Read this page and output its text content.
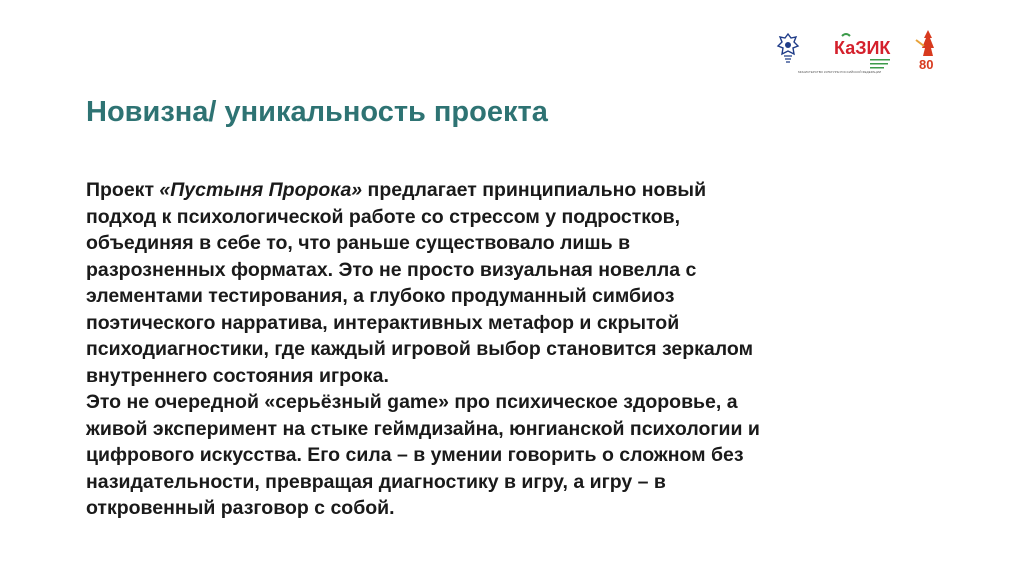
МИНИСТЕРСТВО КУЛЬТУРЫ РОССИЙСКОЙ ФЕДЕРАЦИИ
КаЗИК
80
Новизна/ уникальность проекта

Проект «Пустыня Пророка» предлагает принципиально новый
подход к психологической работе со стрессом у подростков,
объединяя в себе то, что раньше существовало лишь в
разрозненных форматах. Это не просто визуальная новелла с
элементами тестирования, а глубоко продуманный симбиоз
поэтического нарратива, интерактивных метафор и скрытой
психодиагностики, где каждый игровой выбор становится зеркалом
внутреннего состояния игрока.

Это не очередной «серьёзный game» про психическое здоровье, а
живой эксперимент на стыке геймдизайна, юнгианской психологии и
цифрового искусства. Его сила – в умении говорить о сложном без
назидательности, превращая диагностику в игру, а игру – в
откровенный разговор с собой.
